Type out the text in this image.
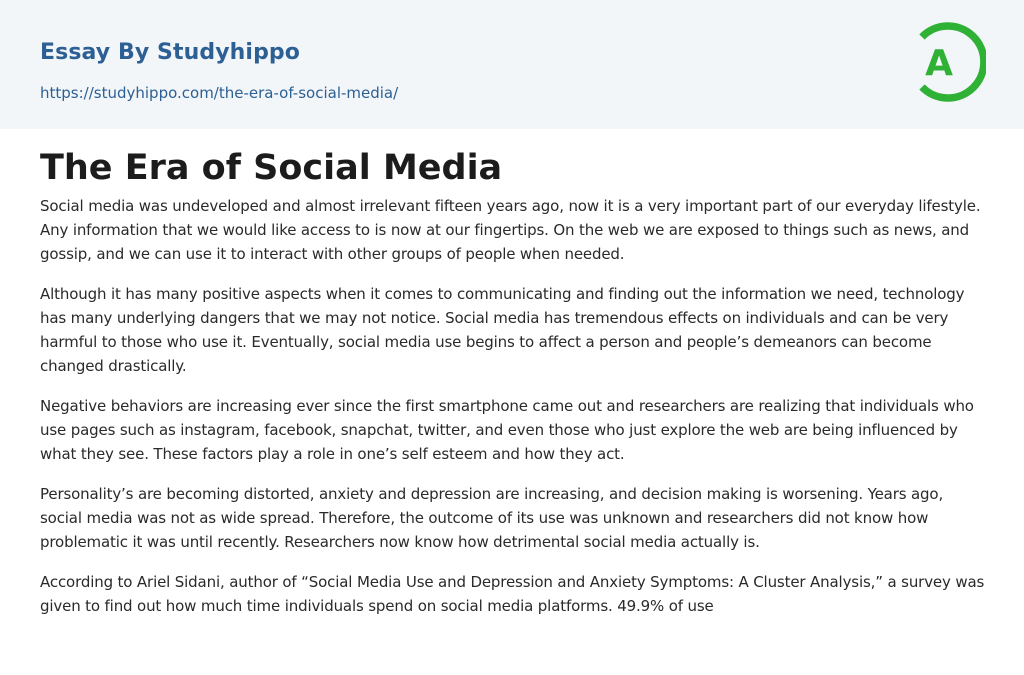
Essay By Studyhippo
https://studyhippo.com/the-era-of-social-media/
A
The Era of Social Media

Social media was undeveloped and almost irrelevant fifteen years ago, now it is a very important part of our everyday lifestyle. Any information that we would like access to is now at our fingertips. On the web we are exposed to things such as news, and gossip, and we can use it to interact with other groups of people when needed.

Although it has many positive aspects when it comes to communicating and finding out the information we need, technology has many underlying dangers that we may not notice. Social media has tremendous effects on individuals and can be very harmful to those who use it. Eventually, social media use begins to affect a person and people’s demeanors can become changed drastically.

Negative behaviors are increasing ever since the first smartphone came out and researchers are realizing that individuals who use pages such as instagram, facebook, snapchat, twitter, and even those who just explore the web are being influenced by what they see. These factors play a role in one’s self esteem and how they act.

Personality’s are becoming distorted, anxiety and depression are increasing, and decision making is worsening. Years ago, social media was not as wide spread. Therefore, the outcome of its use was unknown and researchers did not know how problematic it was until recently. Researchers now know how detrimental social media actually is.

According to Ariel Sidani, author of “Social Media Use and Depression and Anxiety Symptoms: A Cluster Analysis,” a survey was given to find out how much time individuals spend on social media platforms. 49.9% of use
